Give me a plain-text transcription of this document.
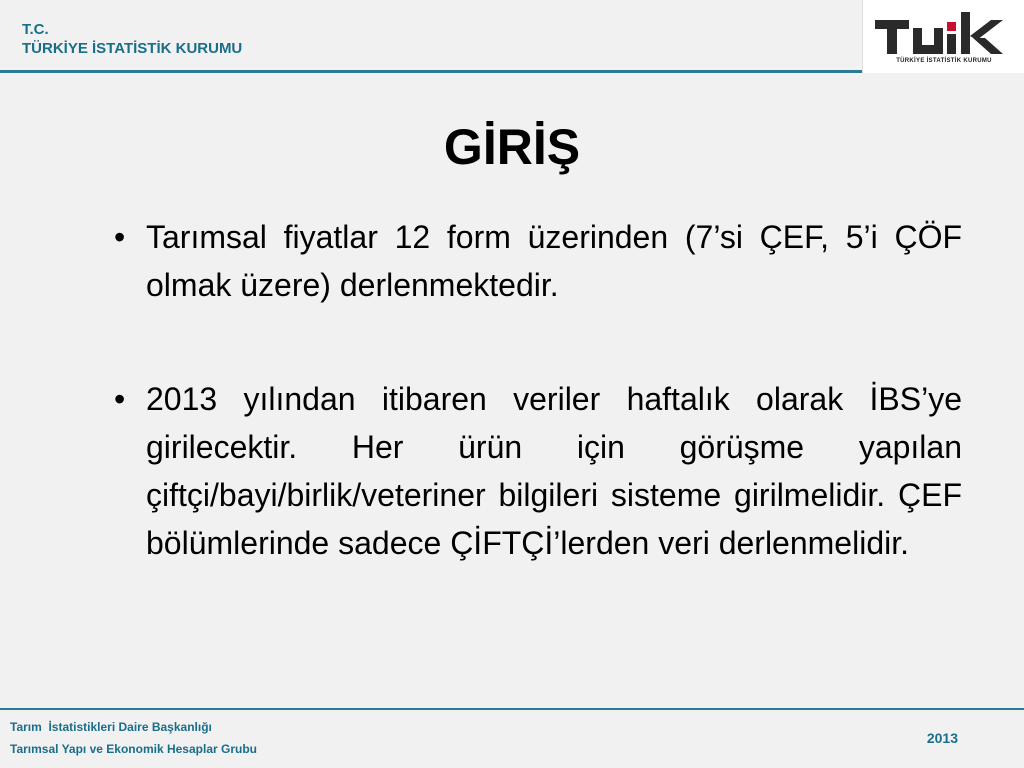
T.C.
TÜRKİYE İSTATİSTİK KURUMU
TÜRKİYE İSTATİSTİK KURUMU
GİRİŞ
• Tarımsal fiyatlar 12 form üzerinden (7’si ÇEF, 5’i ÇÖF olmak üzere) derlenmektedir.
• 2013 yılından itibaren veriler haftalık olarak İBS’ye girilecektir. Her ürün için görüşme yapılan çiftçi/bayi/birlik/veteriner bilgileri sisteme girilmelidir. ÇEF bölümlerinde sadece ÇİFTÇİ’lerden veri derlenmelidir.
Tarım  İstatistikleri Daire Başkanlığı
Tarımsal Yapı ve Ekonomik Hesaplar Grubu
2013
